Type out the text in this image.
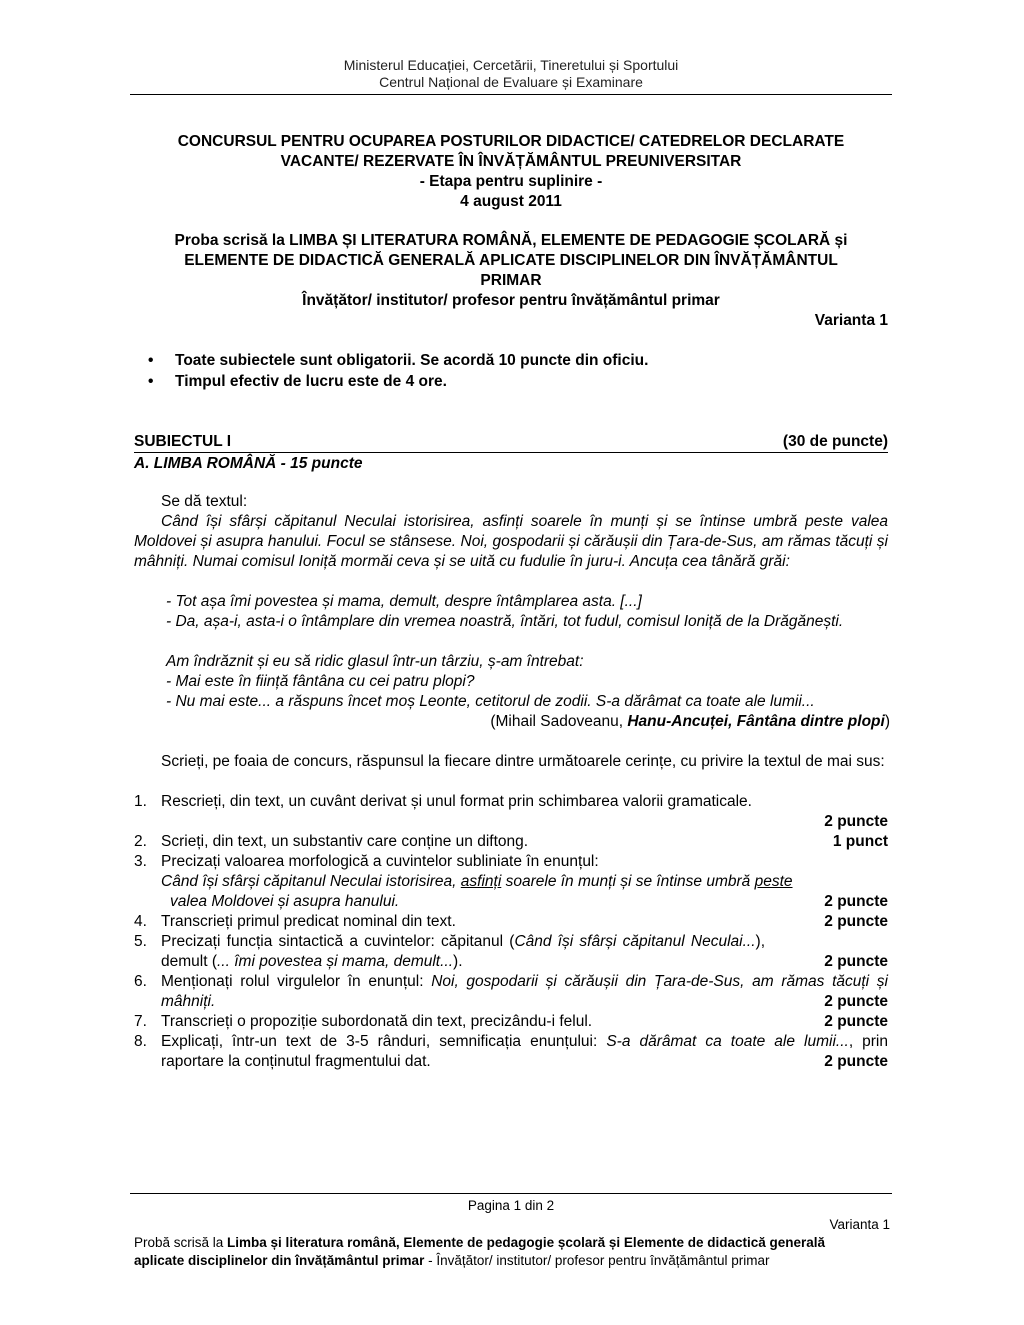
Ministerul Educației, Cercetării, Tineretului și Sportului
Centrul Național de Evaluare și Examinare
CONCURSUL PENTRU OCUPAREA POSTURILOR DIDACTICE/ CATEDRELOR DECLARATE
VACANTE/ REZERVATE ÎN ÎNVĂȚĂMÂNTUL PREUNIVERSITAR
- Etapa pentru suplinire -
4 august 2011
Proba scrisă la LIMBA ȘI LITERATURA ROMÂNĂ, ELEMENTE DE PEDAGOGIE ȘCOLARĂ și
ELEMENTE DE DIDACTICĂ GENERALĂ APLICATE DISCIPLINELOR DIN ÎNVĂȚĂMÂNTUL
PRIMAR
Învățător/ institutor/ profesor pentru învățământul primar
Varianta 1
• Toate subiectele sunt obligatorii. Se acordă 10 puncte din oficiu.
• Timpul efectiv de lucru este de 4 ore.
SUBIECTUL I	(30 de puncte)
A. LIMBA ROMÂNĂ - 15 puncte
Se dă textul:
Când își sfârși căpitanul Neculai istorisirea, asfinți soarele în munți și se întinse umbră peste valea Moldovei și asupra hanului. Focul se stânsese. Noi, gospodarii și cărăușii din Țara-de-Sus, am rămas tăcuți și mâhniți. Numai comisul Ioniță mormăi ceva și se uită cu fudulie în juru-i. Ancuța cea tânără grăi:
- Tot așa îmi povestea și mama, demult, despre întâmplarea asta. [...]
- Da, așa-i, asta-i o întâmplare din vremea noastră, întări, tot fudul, comisul Ioniță de la Drăgănești.
Am îndrăznit și eu să ridic glasul într-un târziu, ș-am întrebat:
- Mai este în ființă fântâna cu cei patru plopi?
- Nu mai este... a răspuns încet moș Leonte, cetitorul de zodii. S-a dărâmat ca toate ale lumii...
(Mihail Sadoveanu, Hanu-Ancuței, Fântâna dintre plopi)
Scrieți, pe foaia de concurs, răspunsul la fiecare dintre următoarele cerințe, cu privire la textul de mai sus:
1. Rescrieți, din text, un cuvânt derivat și unul format prin schimbarea valorii gramaticale.
2 puncte
2. Scrieți, din text, un substantiv care conține un diftong.	1 punct
3. Precizați valoarea morfologică a cuvintelor subliniate în enunțul:
Când își sfârși căpitanul Neculai istorisirea, asfinți soarele în munți și se întinse umbră peste
valea Moldovei și asupra hanului.	2 puncte
4. Transcrieți primul predicat nominal din text.	2 puncte
5. Precizați funcția sintactică a cuvintelor: căpitanul (Când își sfârși căpitanul Neculai...), demult (... îmi povestea și mama, demult...).	2 puncte
6. Menționați rolul virgulelor în enunțul: Noi, gospodarii și cărăușii din Țara-de-Sus, am rămas tăcuți și mâhniți.	2 puncte
7. Transcrieți o propoziție subordonată din text, precizându-i felul.	2 puncte
8. Explicați, într-un text de 3-5 rânduri, semnificația enunțului: S-a dărâmat ca toate ale lumii..., prin raportare la conținutul fragmentului dat.	2 puncte
Pagina 1 din 2
Varianta 1
Probă scrisă la Limba și literatura română, Elemente de pedagogie școlară și Elemente de didactică generală
aplicate disciplinelor din învățământul primar - Învățător/ institutor/ profesor pentru învățământul primar
